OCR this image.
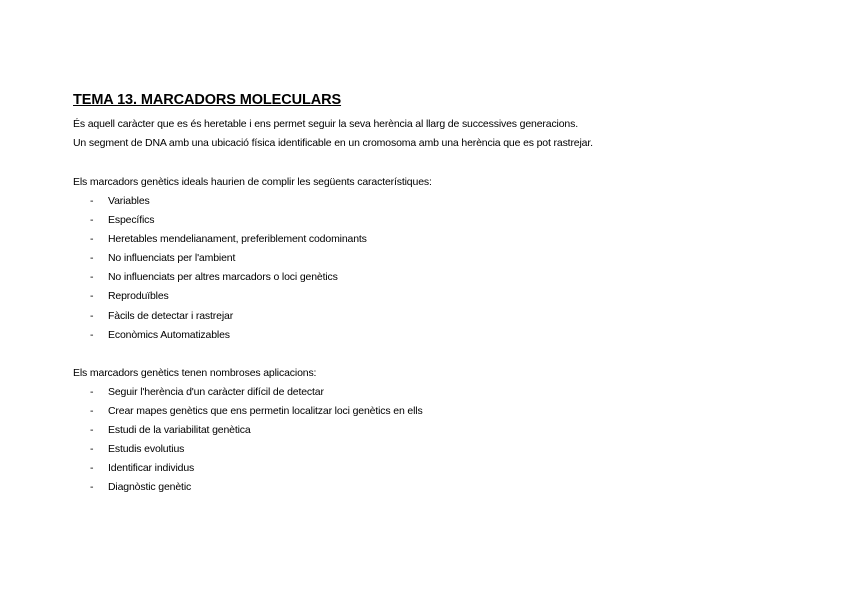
TEMA 13. MARCADORS MOLECULARS

És aquell caràcter que es és heretable i ens permet seguir la seva herència al llarg de successives generacions.

Un segment de DNA amb una ubicació física identificable en un cromosoma amb una herència que es pot rastrejar.

Els marcadors genètics ideals haurien de complir les següents característiques:

- Variables
- Específics
- Heretables mendelianament, preferiblement codominants
- No influenciats per l'ambient
- No influenciats per altres marcadors o loci genètics
- Reproduïbles
- Fàcils de detectar i rastrejar
- Econòmics Automatizables

Els marcadors genètics tenen nombroses aplicacions:

- Seguir l'herència d'un caràcter difícil de detectar
- Crear mapes genètics que ens permetin localitzar loci genètics en ells
- Estudi de la variabilitat genètica
- Estudis evolutius
- Identificar individus
- Diagnòstic genètic
